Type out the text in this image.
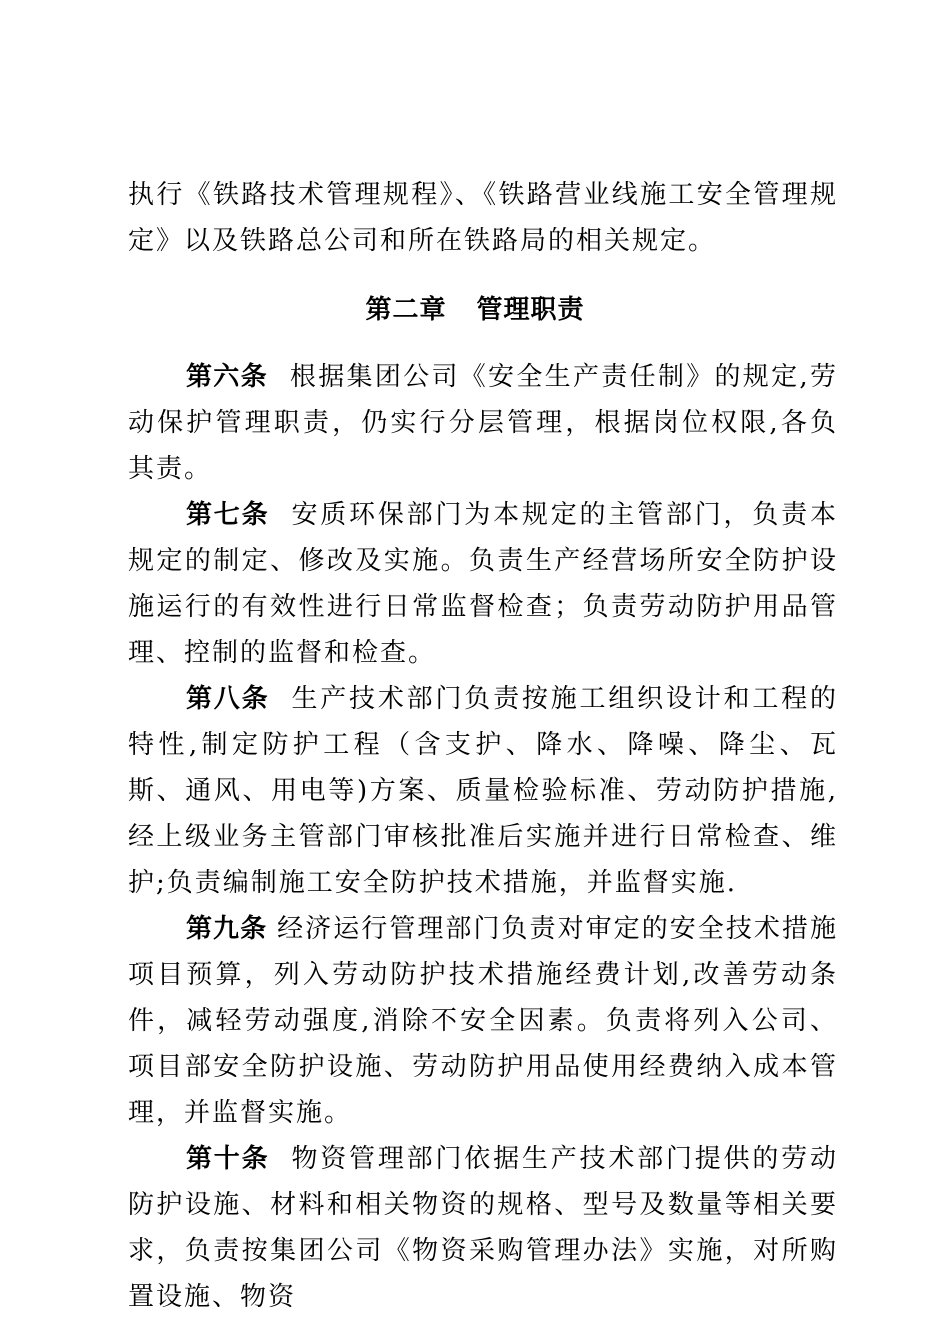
执行《铁路技术管理规程》、《铁路营业线施工安全管理规定》以及铁路总公司和所在铁路局的相关规定。

第二章 管理职责

第六条 根据集团公司《安全生产责任制》的规定,劳动保护管理职责，仍实行分层管理，根据岗位权限,各负其责。

第七条 安质环保部门为本规定的主管部门，负责本规定的制定、修改及实施。负责生产经营场所安全防护设施运行的有效性进行日常监督检查；负责劳动防护用品管理、控制的监督和检查。

第八条 生产技术部门负责按施工组织设计和工程的特性,制定防护工程（含支护、降水、降噪、降尘、瓦斯、通风、用电等)方案、质量检验标准、劳动防护措施,经上级业务主管部门审核批准后实施并进行日常检查、维护;负责编制施工安全防护技术措施，并监督实施.

第九条 经济运行管理部门负责对审定的安全技术措施项目预算，列入劳动防护技术措施经费计划,改善劳动条件，减轻劳动强度,消除不安全因素。负责将列入公司、项目部安全防护设施、劳动防护用品使用经费纳入成本管理，并监督实施。

第十条 物资管理部门依据生产技术部门提供的劳动防护设施、材料和相关物资的规格、型号及数量等相关要求，负责按集团公司《物资采购管理办法》实施，对所购置设施、物资
